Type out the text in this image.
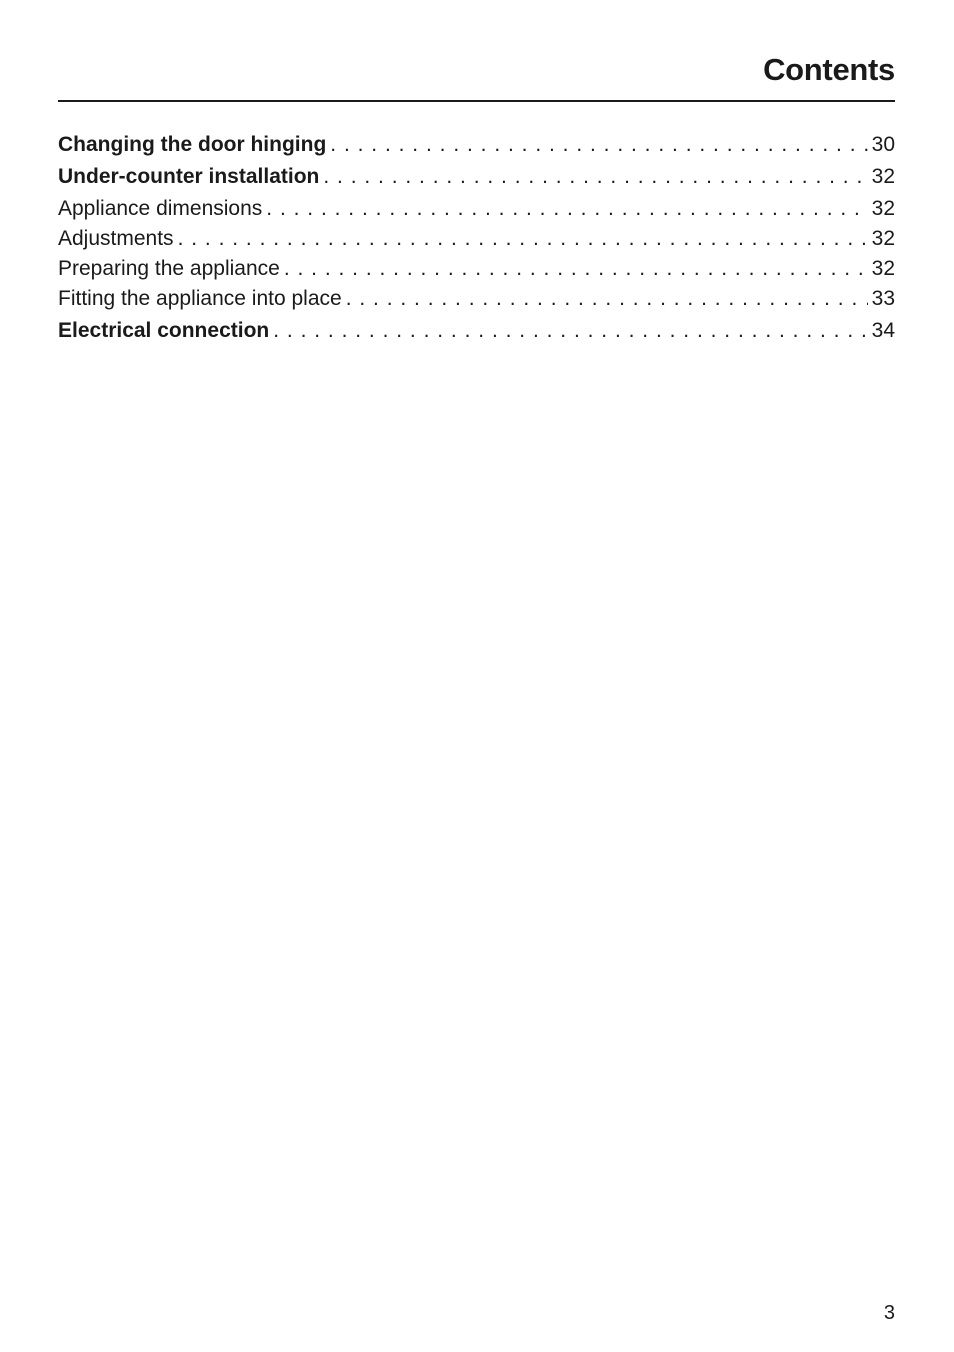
Contents
Changing the door hinging . . .	30
Under-counter installation . . .	32
Appliance dimensions . . .	32
Adjustments . . .	32
Preparing the appliance . . .	32
Fitting the appliance into place . . .	33
Electrical connection . . .	34
3
